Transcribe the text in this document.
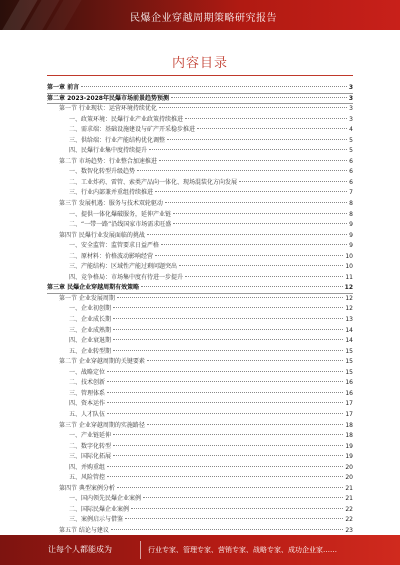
民爆企业穿越周期策略研究报告
内容目录
第一章 前言	3
第二章 2023-2028年民爆市场前景趋势预测	3
第一节 行业现状：运营环境持续优化	3
一、政策环境：民爆行业产业政策持续推进	3
二、需求端：基础设施建设与矿产开采稳步推进	4
三、供给端：行业产能结构优化调整	5
四、民爆行业集中度持续提升	5
第二节 市场趋势：行业整合加速推进	6
一、数智化转型升级趋势	6
二、工业炸药、雷管、索类产品向一体化、现场混装化方向发展	6
三、行业内部兼并重组持续推进	7
第三节 发展机遇：服务与技术双轮驱动	8
一、提供一体化爆破服务，延伸产业链	8
二、“一带一路”沿线国家市场需求旺盛	9
第四节 民爆行业发展面临的挑战	9
一、安全监管：监管要求日益严格	9
二、原材料：价格波动影响经营	10
三、产能结构：区域性产能过剩问题突出	10
四、竞争格局：市场集中度有待进一步提升	11
第三章 民爆企业穿越周期有效策略	12
第一节 企业发展周期	12
一、企业初创期	12
二、企业成长期	13
三、企业成熟期	14
四、企业衰退期	14
五、企业转型期	15
第二节 企业穿越周期的关键要素	15
一、战略定位	15
二、技术创新	16
三、管理体系	16
四、资本运作	17
五、人才队伍	17
第三节 企业穿越周期的实施路径	18
一、产业链延伸	18
二、数字化转型	19
三、国际化拓展	19
四、并购重组	20
五、风险管控	20
第四节 典型案例分析	21
一、国内领先民爆企业案例	21
二、国际民爆企业案例	22
三、案例启示与借鉴	22
第五节 结论与建议	23
让每个人都能成为	行业专家、管理专家、营销专家、战略专家、成功企业家……
